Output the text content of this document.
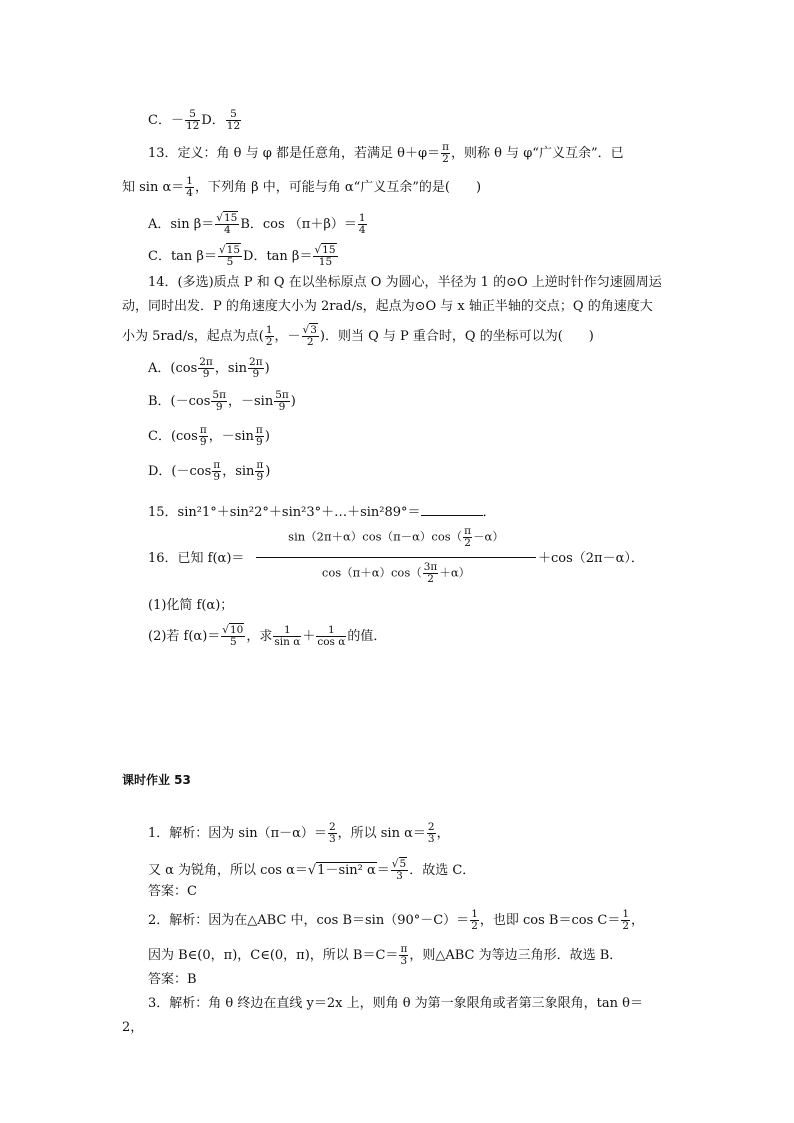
C．－ $\frac{5}{12}$ D． $\frac{5}{12}$
13．定义：角 θ 与 φ 都是任意角，若满足 $\theta+\varphi= \frac{\pi}{2}$ ，则称 θ 与 φ“广义互余”．已
知 $\sin \alpha= \frac{1}{4}$ ，下列角 β 中，可能与角 α“广义互余”的是(　　)
A．$\sin \beta= \frac{√15}{4}$ B．$\cos (\pi+\beta)= \frac{1}{4}$
C．$\tan \beta= \frac{√15}{5}$ D．$\tan \beta= \frac{√15}{15}$
14．(多选)质点 P 和 Q 在以坐标原点 O 为圆心，半径为 1 的⊙O 上逆时针作匀速圆周运
动，同时出发．P 的角速度大小为 2rad/s，起点为⊙O 与 x 轴正半轴的交点；Q 的角速度大
小为 5rad/s，起点为点( $\frac{1}{2}$ ，－ $\frac{√3}{2}$ )．则当 Q 与 P 重合时，Q 的坐标可以为(　　)
A．($\cos \frac{2\pi}{9}$ ，$\sin \frac{2\pi}{9}$ )
B．($-\cos \frac{5\pi}{9}$ ，$-\sin \frac{5\pi}{9}$ )
C．($\cos \frac{\pi}{9}$ ，$-\sin \frac{\pi}{9}$ )
D．($-\cos \frac{\pi}{9}$ ，$\sin \frac{\pi}{9}$ )
15．sin²1°＋sin²2°＋sin²3°＋…＋sin²89°＝	．
16．已知 f(α)＝
$\sin(2\pi+\alpha)\cos(\pi-\alpha)\cos( \frac{\pi}{2} -\alpha)$
$\cos(\pi+\alpha)\cos( \frac{3\pi}{2} +\alpha)$
＋cos（2π－α）．
(1)化简 f(α)；
(2)若 $f(\alpha)= \frac{√10}{5}$ ，求 $\frac{1}{\text{sin α}} + \frac{1}{\text{cos α}}$ 的值．
课时作业 53
1．解析：因为 $\sin(\pi-\alpha)= \frac{2}{3}$ ，所以 $\sin \alpha= \frac{2}{3}$ ，
又 α 为锐角，所以 cos α＝√1－sin² $\alpha= \frac{√5}{3}$ ．故选 C．
答案：C
2．解析：因为在△ABC 中，$\cos B=\sin(90^\circ-C)= \frac{1}{2}$ ，也即 cos B＝cos $C= \frac{1}{2}$ ，
因为 B∈(0，π)，C∈(0，π)，所以 $B=C= \frac{\pi}{3}$ ，则△ABC 为等边三角形．故选 B．
答案：B
3．解析：角 θ 终边在直线 y＝2x 上，则角 θ 为第一象限角或者第三象限角，tan θ＝
2，
